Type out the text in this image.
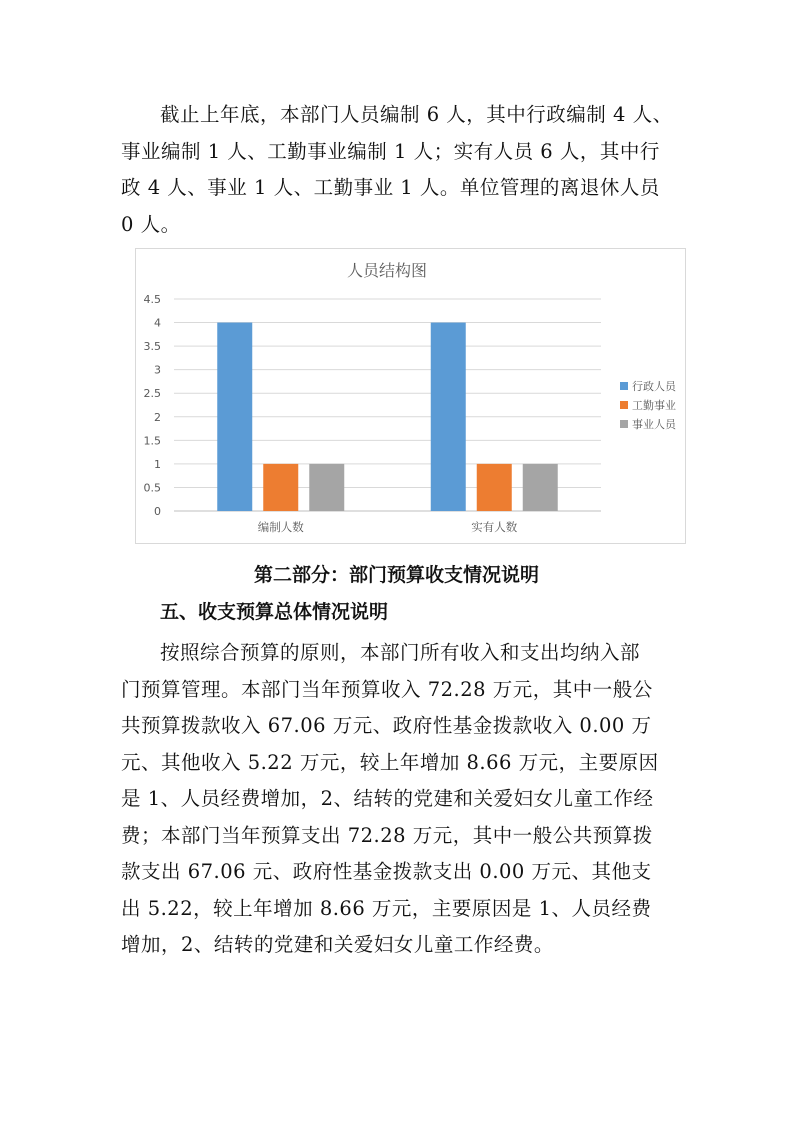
截止上年底，本部门人员编制 6 人，其中行政编制 4 人、
事业编制 1 人、工勤事业编制 1 人；实有人员 6 人，其中行
政 4 人、事业 1 人、工勤事业 1 人。单位管理的离退休人员
0 人。
人员结构图
0
0.5
1
1.5
2
2.5
3
3.5
4
4.5
编制人数	实有人数
行政人员
工勤事业
事业人员
第二部分：部门预算收支情况说明
五、收支预算总体情况说明
按照综合预算的原则，本部门所有收入和支出均纳入部
门预算管理。本部门当年预算收入 72.28 万元，其中一般公
共预算拨款收入 67.06 万元、政府性基金拨款收入 0.00 万
元、其他收入 5.22 万元，较上年增加 8.66 万元，主要原因
是 1、人员经费增加，2、结转的党建和关爱妇女儿童工作经
费；本部门当年预算支出 72.28 万元，其中一般公共预算拨
款支出 67.06 元、政府性基金拨款支出 0.00 万元、其他支
出 5.22，较上年增加 8.66 万元，主要原因是 1、人员经费
增加，2、结转的党建和关爱妇女儿童工作经费。
